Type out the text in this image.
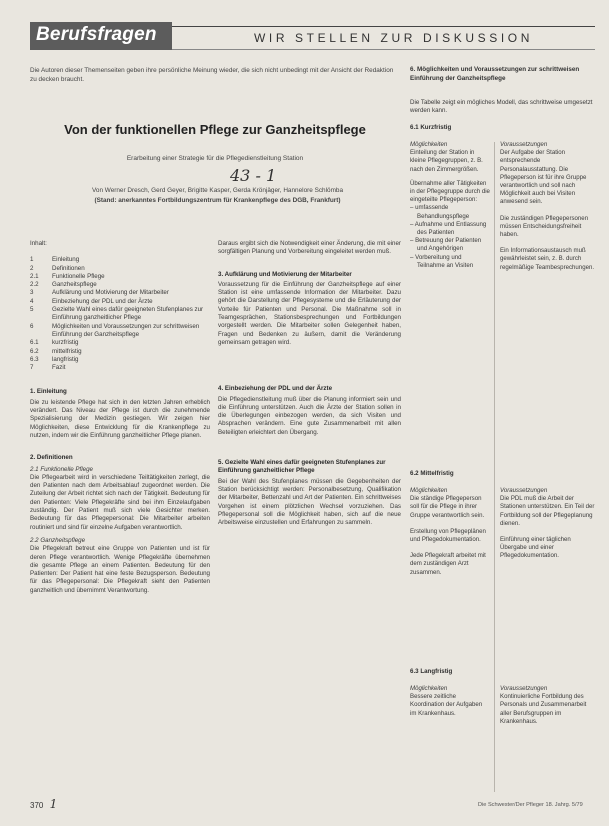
Berufsfragen	WIR STELLEN ZUR DISKUSSION
Die Autoren dieser Themenseiten geben ihre persönliche Meinung wieder, die sich nicht unbedingt mit der Ansicht der Redaktion zu decken braucht.
Von der funktionellen Pflege zur Ganzheitspflege
Erarbeitung einer Strategie für die Pflegedienstleitung Station
43 - 1
Von Werner Dresch, Gerd Geyer, Brigitte Kasper, Gerda Krönjäger, Hannelore Schlömba
(Stand: anerkanntes Fortbildungszentrum für Krankenpflege des DGB, Frankfurt)
Inhalt:
1	Einleitung
2	Definitionen
2.1	Funktionelle Pflege
2.2	Ganzheitspflege
3	Aufklärung und Motivierung der Mitarbeiter
4	Einbeziehung der PDL und der Ärzte
5	Gezielte Wahl eines dafür geeigneten Stufenplanes zur Einführung ganzheitlicher Pflege
6	Möglichkeiten und Voraussetzungen zur schrittweisen Einführung der Ganzheitspflege
6.1	kurzfristig
6.2	mittelfristig
6.3	langfristig
7	Fazit
1. Einleitung
Die zu leistende Pflege hat sich in den letzten Jahren erheblich verändert. Das Niveau der Pflege ist durch die zunehmende Spezialisierung der Medizin gestiegen. Wir zeigen hier Möglichkeiten, diese Entwicklung für die Krankenpflege zu nutzen, indem wir die Einführung ganzheitlicher Pflege planen.
2. Definitionen
2.1 Funktionelle Pflege
Die Pflegearbeit wird in verschiedene Teiltätigkeiten zerlegt, die den Patienten nach dem Arbeitsablauf zugeordnet werden. Die Zuteilung der Arbeit richtet sich nach der Tätigkeit. Bedeutung für den Patienten: Viele Pflegekräfte sind bei ihm Einzelaufgaben zuständig. Der Patient muß sich viele Gesichter merken. Bedeutung für das Pflegepersonal: Die Mitarbeiter arbeiten routiniert und sind für einzelne Aufgaben verantwortlich.
2.2 Ganzheitspflege
Die Pflegekraft betreut eine Gruppe von Patienten und ist für deren Pflege verantwortlich. Wenige Pflegekräfte übernehmen die gesamte Pflege an einem Patienten. Bedeutung für den Patienten: Der Patient hat eine feste Bezugsperson. Bedeutung für das Pflegepersonal: Die Pflegekraft sieht den Patienten ganzheitlich und übernimmt Verantwortung.
Daraus ergibt sich die Notwendigkeit einer Änderung, die mit einer sorgfältigen Planung und Vorbereitung eingeleitet werden muß.
3. Aufklärung und Motivierung der Mitarbeiter
Voraussetzung für die Einführung der Ganzheitspflege auf einer Station ist eine umfassende Information der Mitarbeiter. Dazu gehört die Darstellung der Pflegesysteme und die Erläuterung der Vorteile für Patienten und Personal. Die Maßnahme soll in Teamgesprächen, Stationsbesprechungen und Fortbildungen vorgestellt werden. Die Mitarbeiter sollen Gelegenheit haben, Fragen und Bedenken zu äußern, damit die Veränderung gemeinsam getragen wird.
4. Einbeziehung der PDL und der Ärzte
Die Pflegedienstleitung muß über die Planung informiert sein und die Einführung unterstützen. Auch die Ärzte der Station sollen in die Überlegungen einbezogen werden, da sich Visiten und Absprachen verändern. Eine gute Zusammenarbeit mit allen Beteiligten erleichtert den Übergang.
5. Gezielte Wahl eines dafür geeigneten Stufenplanes zur Einführung ganzheitlicher Pflege
Bei der Wahl des Stufenplanes müssen die Gegebenheiten der Station berücksichtigt werden: Personalbesetzung, Qualifikation der Mitarbeiter, Bettenzahl und Art der Patienten. Ein schrittweises Vorgehen ist einem plötzlichen Wechsel vorzuziehen. Das Pflegepersonal soll die Möglichkeit haben, sich auf die neue Arbeitsweise einzustellen und Erfahrungen zu sammeln.
6. Möglichkeiten und Voraussetzungen zur schrittweisen Einführung der Ganzheitspflege
Die Tabelle zeigt ein mögliches Modell, das schrittweise umgesetzt werden kann.
6.1 Kurzfristig
Möglichkeiten
Einteilung der Station in kleine Pflegegruppen, z. B. nach den Zimmergrößen.
Übernahme aller Tätigkeiten in der Pflegegruppe durch die eingeteilte Pflegeperson:
– umfassende Behandlungspflege
– Aufnahme und Entlassung des Patienten
– Betreuung der Patienten und Angehörigen
– Vorbereitung und Teilnahme an Visiten
Voraussetzungen
Der Aufgabe der Station entsprechende Personalausstattung. Die Pflegeperson ist für ihre Gruppe verantwortlich und soll nach Möglichkeit auch bei Visiten anwesend sein.
Die zuständigen Pflegepersonen müssen Entscheidungsfreiheit haben.
Ein Informationsaustausch muß gewährleistet sein, z. B. durch regelmäßige Teambesprechungen.
6.2 Mittelfristig
Möglichkeiten
Die ständige Pflegeperson soll für die Pflege in ihrer Gruppe verantwortlich sein.
Erstellung von Pflegeplänen und Pflegedokumentation.
Jede Pflegekraft arbeitet mit dem zuständigen Arzt zusammen.
Voraussetzungen
Die PDL muß die Arbeit der Stationen unterstützen. Ein Teil der Fortbildung soll der Pflegeplanung dienen.
Einführung einer täglichen Übergabe und einer Pflegedokumentation.
6.3 Langfristig
Möglichkeiten
Bessere zeitliche Koordination der Aufgaben im Krankenhaus.
Voraussetzungen
Kontinuierliche Fortbildung des Personals und Zusammenarbeit aller Berufsgruppen im Krankenhaus.
370 1	Die Schwester/Der Pfleger 18. Jahrg. 5/79
